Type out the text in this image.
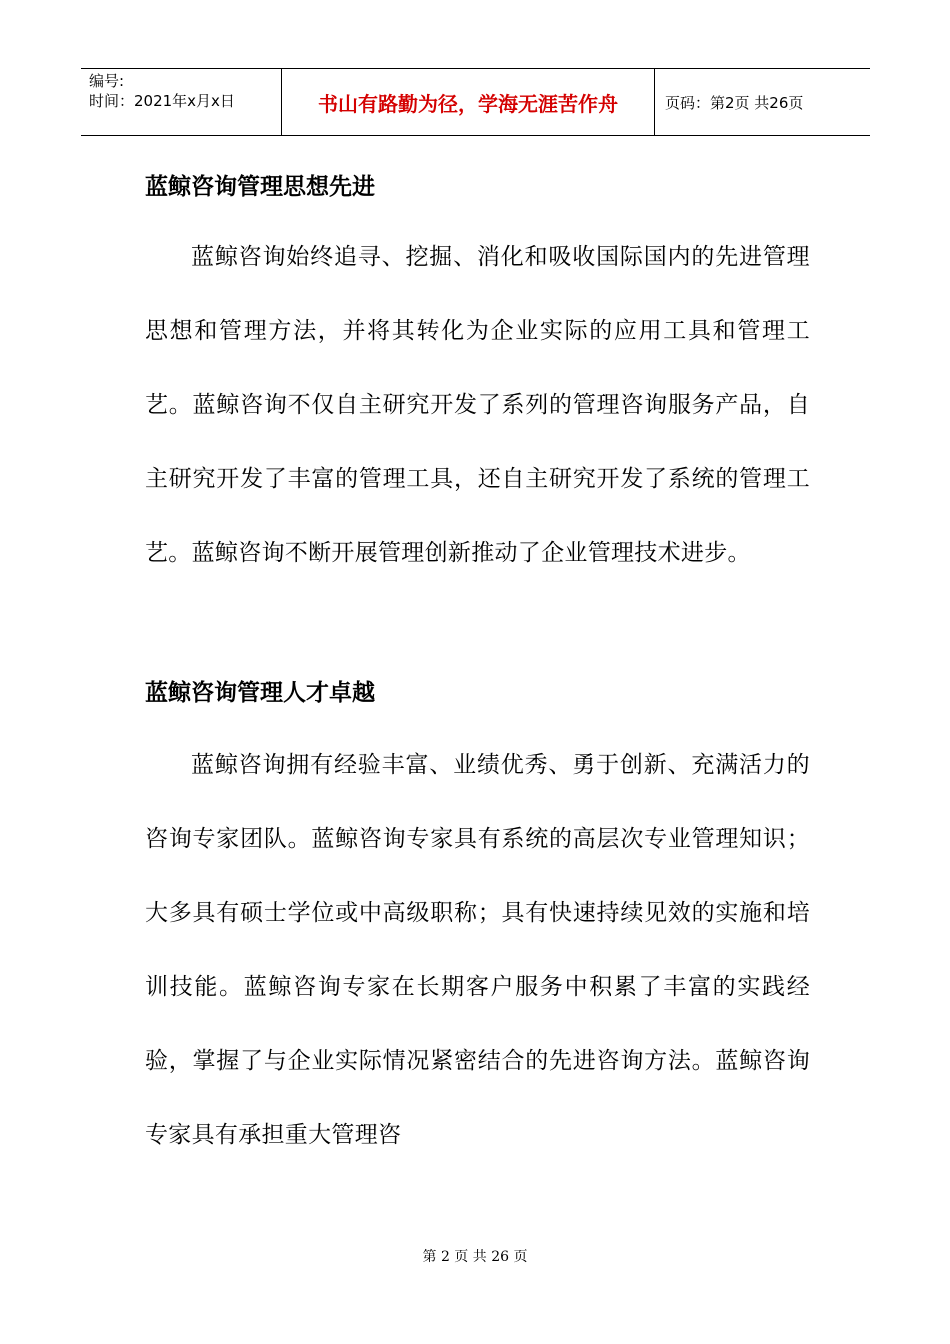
编号:
时间：2021年x月x日	书山有路勤为径，学海无涯苦作舟	页码：第2页 共26页
蓝鲸咨询管理思想先进

蓝鲸咨询始终追寻、挖掘、消化和吸收国际国内的先进管理思想和管理方法，并将其转化为企业实际的应用工具和管理工艺。蓝鲸咨询不仅自主研究开发了系列的管理咨询服务产品，自主研究开发了丰富的管理工具，还自主研究开发了系统的管理工艺。蓝鲸咨询不断开展管理创新推动了企业管理技术进步。

蓝鲸咨询管理人才卓越

蓝鲸咨询拥有经验丰富、业绩优秀、勇于创新、充满活力的咨询专家团队。蓝鲸咨询专家具有系统的高层次专业管理知识；大多具有硕士学位或中高级职称；具有快速持续见效的实施和培训技能。蓝鲸咨询专家在长期客户服务中积累了丰富的实践经验，掌握了与企业实际情况紧密结合的先进咨询方法。蓝鲸咨询专家具有承担重大管理咨

第 2 页 共 26 页
